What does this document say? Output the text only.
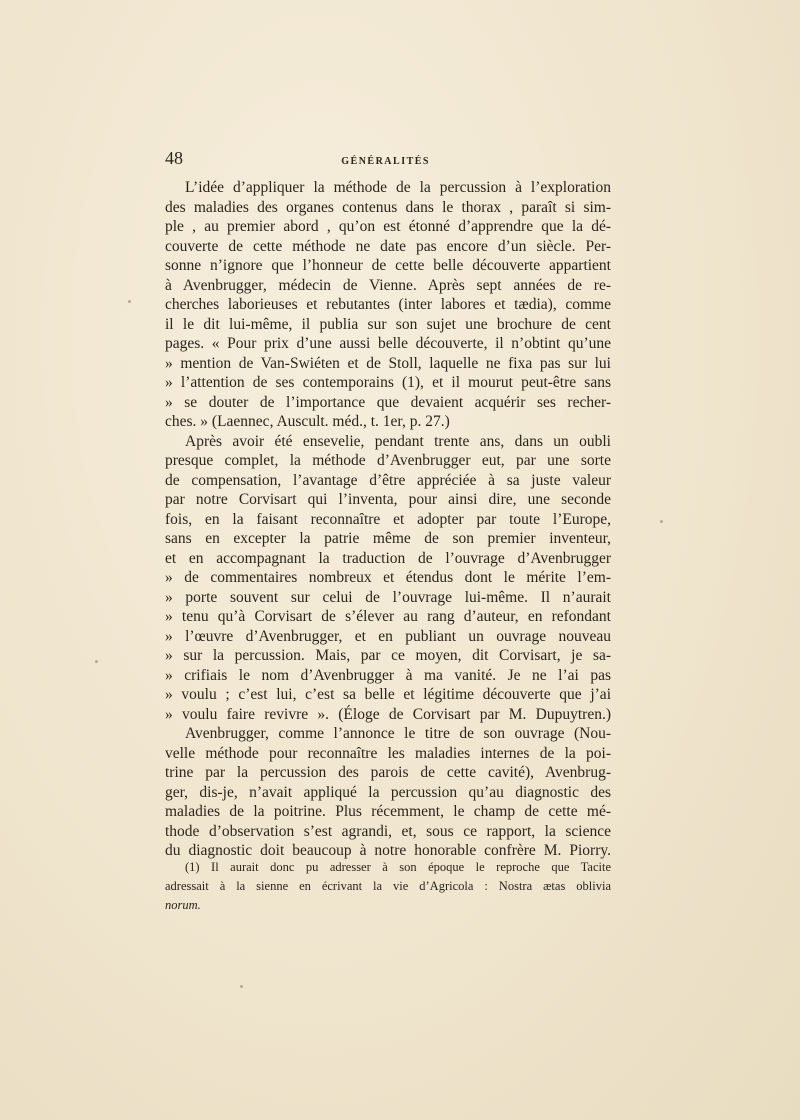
48	GÉNÉRALITÉS
L’idée d’appliquer la méthode de la percussion à l’exploration
des maladies des organes contenus dans le thorax , paraît si sim-
ple , au premier abord , qu’on est étonné d’apprendre que la dé-
couverte de cette méthode ne date pas encore d’un siècle. Per-
sonne n’ignore que l’honneur de cette belle découverte appartient
à Avenbrugger, médecin de Vienne. Après sept années de re-
cherches laborieuses et rebutantes (inter labores et tædia), comme
il le dit lui-même, il publia sur son sujet une brochure de cent
pages. « Pour prix d’une aussi belle découverte, il n’obtint qu’une
» mention de Van-Swiéten et de Stoll, laquelle ne fixa pas sur lui
» l’attention de ses contemporains (1), et il mourut peut-être sans
» se douter de l’importance que devaient acquérir ses recher-
ches. » (Laennec, Auscult. méd., t. 1er, p. 27.)
Après avoir été ensevelie, pendant trente ans, dans un oubli
presque complet, la méthode d’Avenbrugger eut, par une sorte
de compensation, l’avantage d’être appréciée à sa juste valeur
par notre Corvisart qui l’inventa, pour ainsi dire, une seconde
fois, en la faisant reconnaître et adopter par toute l’Europe,
sans en excepter la patrie même de son premier inventeur,
et en accompagnant la traduction de l’ouvrage d’Avenbrugger
» de commentaires nombreux et étendus dont le mérite l’em-
» porte souvent sur celui de l’ouvrage lui-même. Il n’aurait
» tenu qu’à Corvisart de s’élever au rang d’auteur, en refondant
» l’œuvre d’Avenbrugger, et en publiant un ouvrage nouveau
» sur la percussion. Mais, par ce moyen, dit Corvisart, je sa-
» crifiais le nom d’Avenbrugger à ma vanité. Je ne l’ai pas
» voulu ; c’est lui, c’est sa belle et légitime découverte que j’ai
» voulu faire revivre ». (Éloge de Corvisart par M. Dupuytren.)
Avenbrugger, comme l’annonce le titre de son ouvrage (Nou-
velle méthode pour reconnaître les maladies internes de la poi-
trine par la percussion des parois de cette cavité), Avenbrug-
ger, dis-je, n’avait appliqué la percussion qu’au diagnostic des
maladies de la poitrine. Plus récemment, le champ de cette mé-
thode d’observation s’est agrandi, et, sous ce rapport, la science
du diagnostic doit beaucoup à notre honorable confrère M. Piorry.
(1) Il aurait donc pu adresser à son époque le reproche que Tacite
adressait à la sienne en écrivant la vie d’Agricola : Nostra ætas oblivia
norum.
